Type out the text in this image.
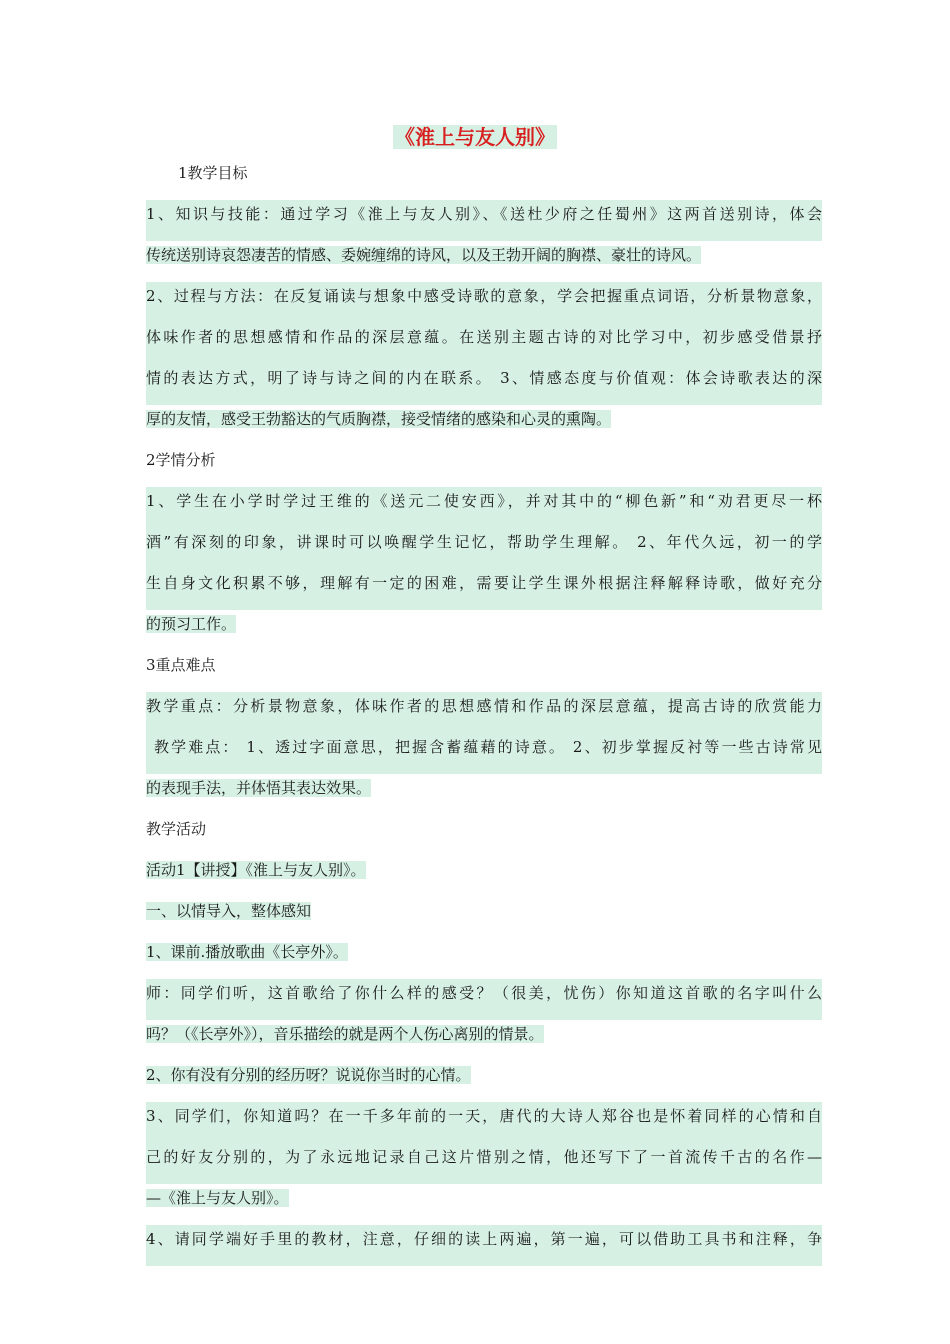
《淮上与友人别》
1教学目标
1、知识与技能：通过学习《淮上与友人别》、《送杜少府之任蜀州》这两首送别诗，体会
传统送别诗哀怨凄苦的情感、委婉缠绵的诗风，以及王勃开阔的胸襟、豪壮的诗风。
2、过程与方法：在反复诵读与想象中感受诗歌的意象，学会把握重点词语，分析景物意象，
体味作者的思想感情和作品的深层意蕴。在送别主题古诗的对比学习中，初步感受借景抒
情的表达方式，明了诗与诗之间的内在联系。 3、情感态度与价值观：体会诗歌表达的深
厚的友情，感受王勃豁达的气质胸襟，接受情绪的感染和心灵的熏陶。
2学情分析
1、学生在小学时学过王维的《送元二使安西》，并对其中的“柳色新”和“劝君更尽一杯
酒”有深刻的印象，讲课时可以唤醒学生记忆，帮助学生理解。 2、年代久远，初一的学
生自身文化积累不够，理解有一定的困难，需要让学生课外根据注释解释诗歌，做好充分
的预习工作。
3重点难点
教学重点：分析景物意象，体味作者的思想感情和作品的深层意蕴，提高古诗的欣赏能力
教学难点： 1、透过字面意思，把握含蓄蕴藉的诗意。 2、初步掌握反衬等一些古诗常见
的表现手法，并体悟其表达效果。
教学活动
活动1【讲授】《淮上与友人别》。
一、以情导入，整体感知
1、课前.播放歌曲《长亭外》。
师：同学们听，这首歌给了你什么样的感受？（很美，忧伤）你知道这首歌的名字叫什么
吗？（《长亭外》），音乐描绘的就是两个人伤心离别的情景。
2、你有没有分别的经历呀？说说你当时的心情。
3、同学们，你知道吗？在一千多年前的一天，唐代的大诗人郑谷也是怀着同样的心情和自
己的好友分别的，为了永远地记录自己这片惜别之情，他还写下了一首流传千古的名作—
—《淮上与友人别》。
4、请同学端好手里的教材，注意，仔细的读上两遍，第一遍，可以借助工具书和注释，争
